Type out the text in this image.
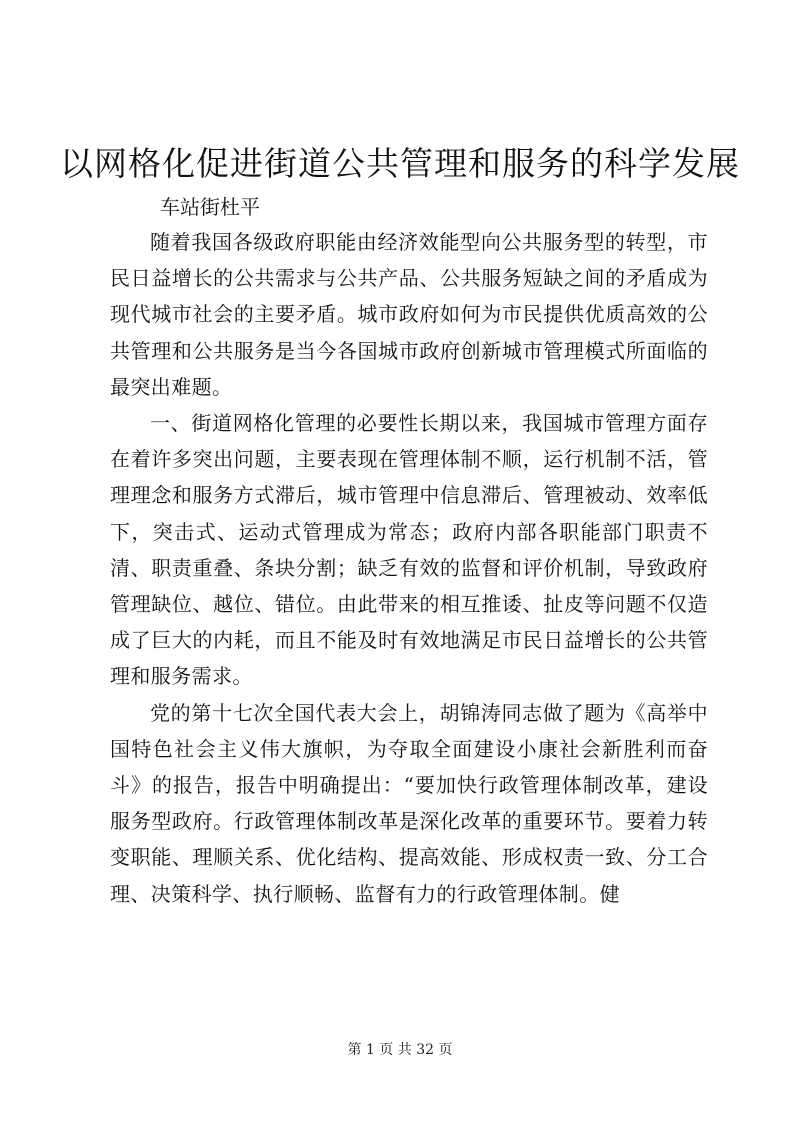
以网格化促进街道公共管理和服务的科学发展

车站街杜平

随着我国各级政府职能由经济效能型向公共服务型的转型，市民日益增长的公共需求与公共产品、公共服务短缺之间的矛盾成为现代城市社会的主要矛盾。城市政府如何为市民提供优质高效的公共管理和公共服务是当今各国城市政府创新城市管理模式所面临的最突出难题。

一、街道网格化管理的必要性长期以来，我国城市管理方面存在着许多突出问题，主要表现在管理体制不顺，运行机制不活，管理理念和服务方式滞后，城市管理中信息滞后、管理被动、效率低下，突击式、运动式管理成为常态；政府内部各职能部门职责不清、职责重叠、条块分割；缺乏有效的监督和评价机制，导致政府管理缺位、越位、错位。由此带来的相互推诿、扯皮等问题不仅造成了巨大的内耗，而且不能及时有效地满足市民日益增长的公共管理和服务需求。

党的第十七次全国代表大会上，胡锦涛同志做了题为《高举中国特色社会主义伟大旗帜，为夺取全面建设小康社会新胜利而奋斗》的报告，报告中明确提出：“要加快行政管理体制改革，建设服务型政府。行政管理体制改革是深化改革的重要环节。要着力转变职能、理顺关系、优化结构、提高效能、形成权责一致、分工合理、决策科学、执行顺畅、监督有力的行政管理体制。健

第 1 页 共 32 页
